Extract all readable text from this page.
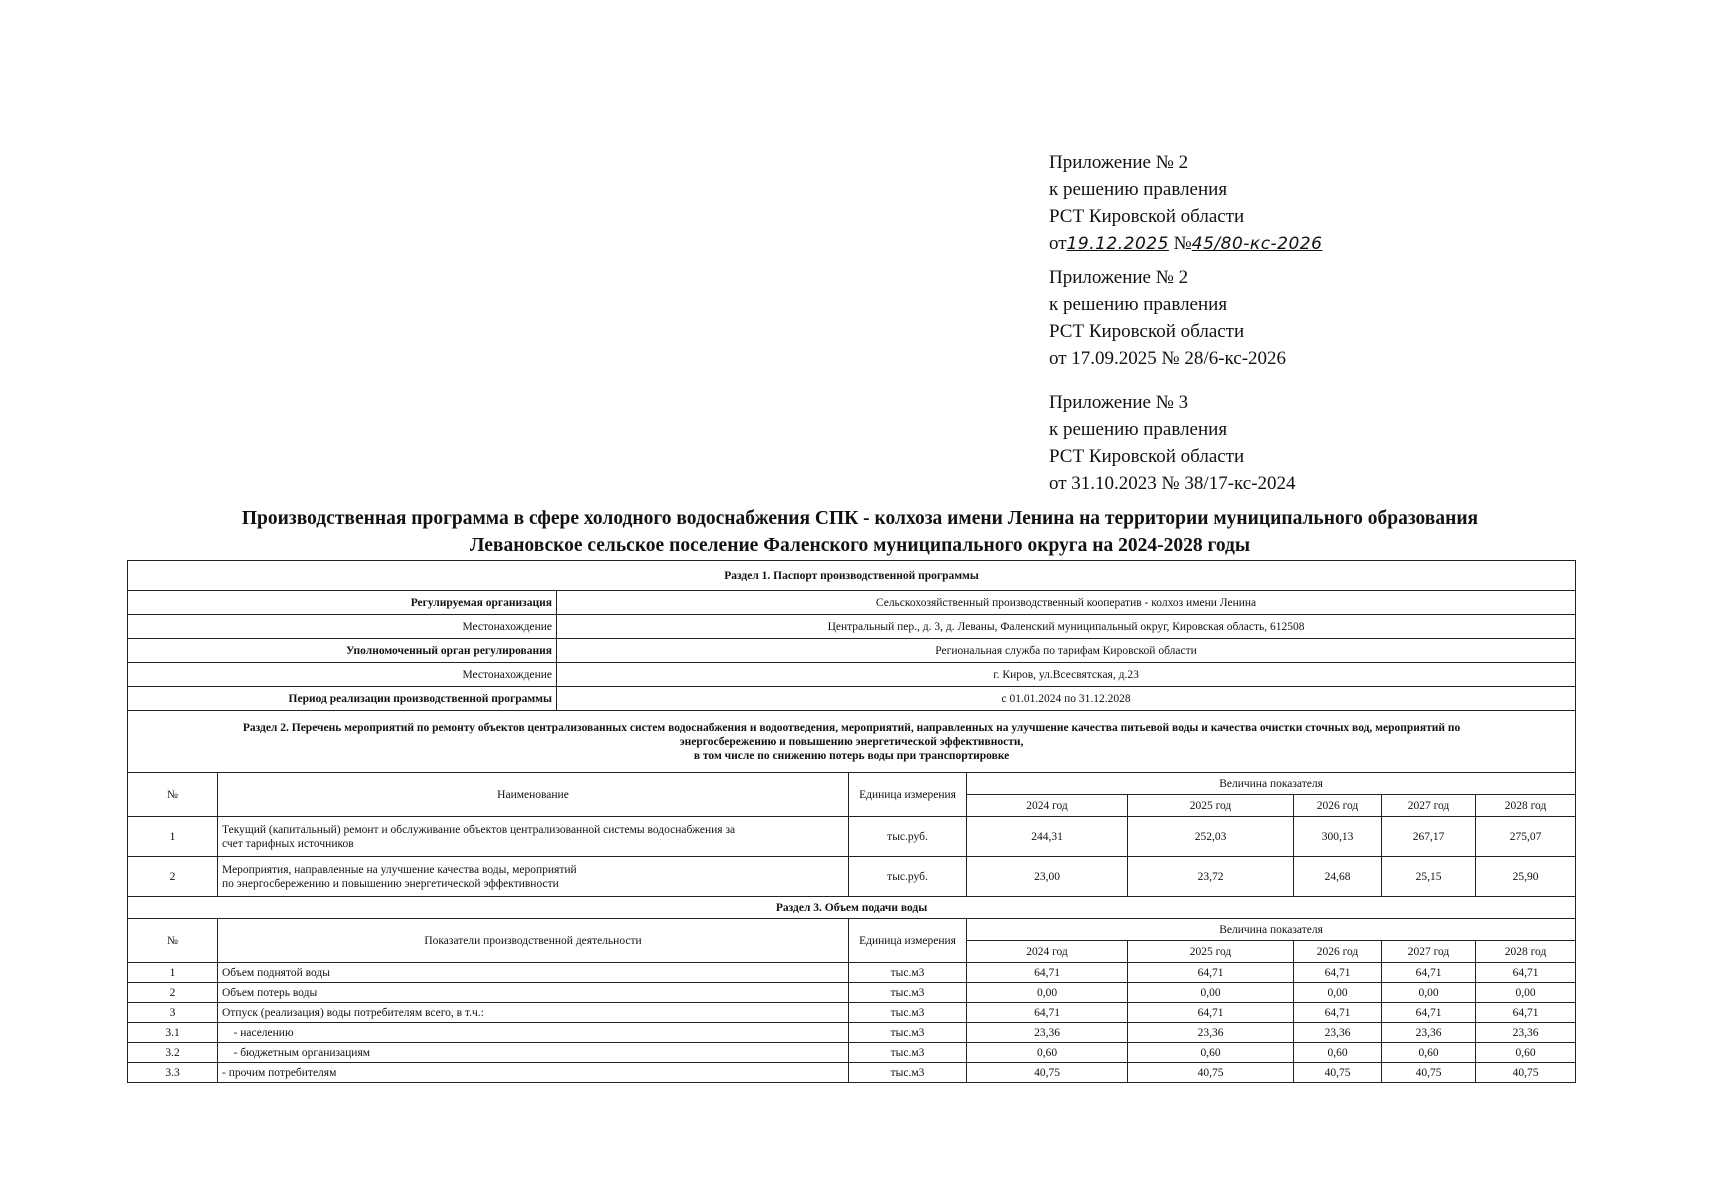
Приложение № 2
к решению правления
РСТ Кировской области
от19.12.2025 №45/80-кс-2026
Приложение № 2
к решению правления
РСТ Кировской области
от 17.09.2025 № 28/6-кс-2026
Приложение № 3
к решению правления
РСТ Кировской области
от 31.10.2023 № 38/17-кс-2024
Производственная программа в сфере холодного водоснабжения СПК - колхоза имени Ленина на территории муниципального образования
Левановское сельское поселение Фаленского муниципального округа на 2024-2028 годы
Раздел 1. Паспорт производственной программы								
Регулируемая организация		Сельскохозяйственный производственный кооператив - колхоз имени Ленина						
Местонахождение		Центральный пер., д. 3, д. Леваны, Фаленский муниципальный округ, Кировская область, 612508						
Уполномоченный орган регулирования		Региональная служба по тарифам Кировской области						
Местонахождение		г. Киров, ул.Всесвятская, д.23						
Период реализации производственной программы		с 01.01.2024 по 31.12.2028						

Раздел 2. Перечень мероприятий по ремонту объектов централизованных систем водоснабжения и водоотведения, мероприятий, направленных на улучшение качества питьевой воды и качества очистки сточных вод, мероприятий по
энергосбережению и повышению энергетической эффективности,
в том числе по снижению потерь воды при транспортировке								

№	Наименование		Единица измерения	Величина показателя				
				2024 год	2025 год	2026 год	2027 год	2028 год
1	Текущий (капитальный) ремонт и обслуживание объектов централизованной системы водоснабжения за
счет тарифных источников		тыс.руб.	244,31	252,03	300,13	267,17	275,07
2	Мероприятия, направленные на улучшение качества воды, мероприятий
по энергосбережению и повышению энергетической эффективности		тыс.руб.	23,00	23,72	24,68	25,15	25,90
Раздел 3. Объем подачи воды								
№	Показатели производственной деятельности		Единица измерения	Величина показателя				
				2024 год	2025 год	2026 год	2027 год	2028 год
1	Объем поднятой воды		тыс.м3	64,71	64,71	64,71	64,71	64,71
2	Объем потерь воды		тыс.м3	0,00	0,00	0,00	0,00	0,00
3	Отпуск (реализация) воды потребителям всего, в т.ч.:		тыс.м3	64,71	64,71	64,71	64,71	64,71
3.1	- населению		тыс.м3	23,36	23,36	23,36	23,36	23,36
3.2	- бюджетным организациям		тыс.м3	0,60	0,60	0,60	0,60	0,60
3.3	- прочим потребителям		тыс.м3	40,75	40,75	40,75	40,75	40,75
